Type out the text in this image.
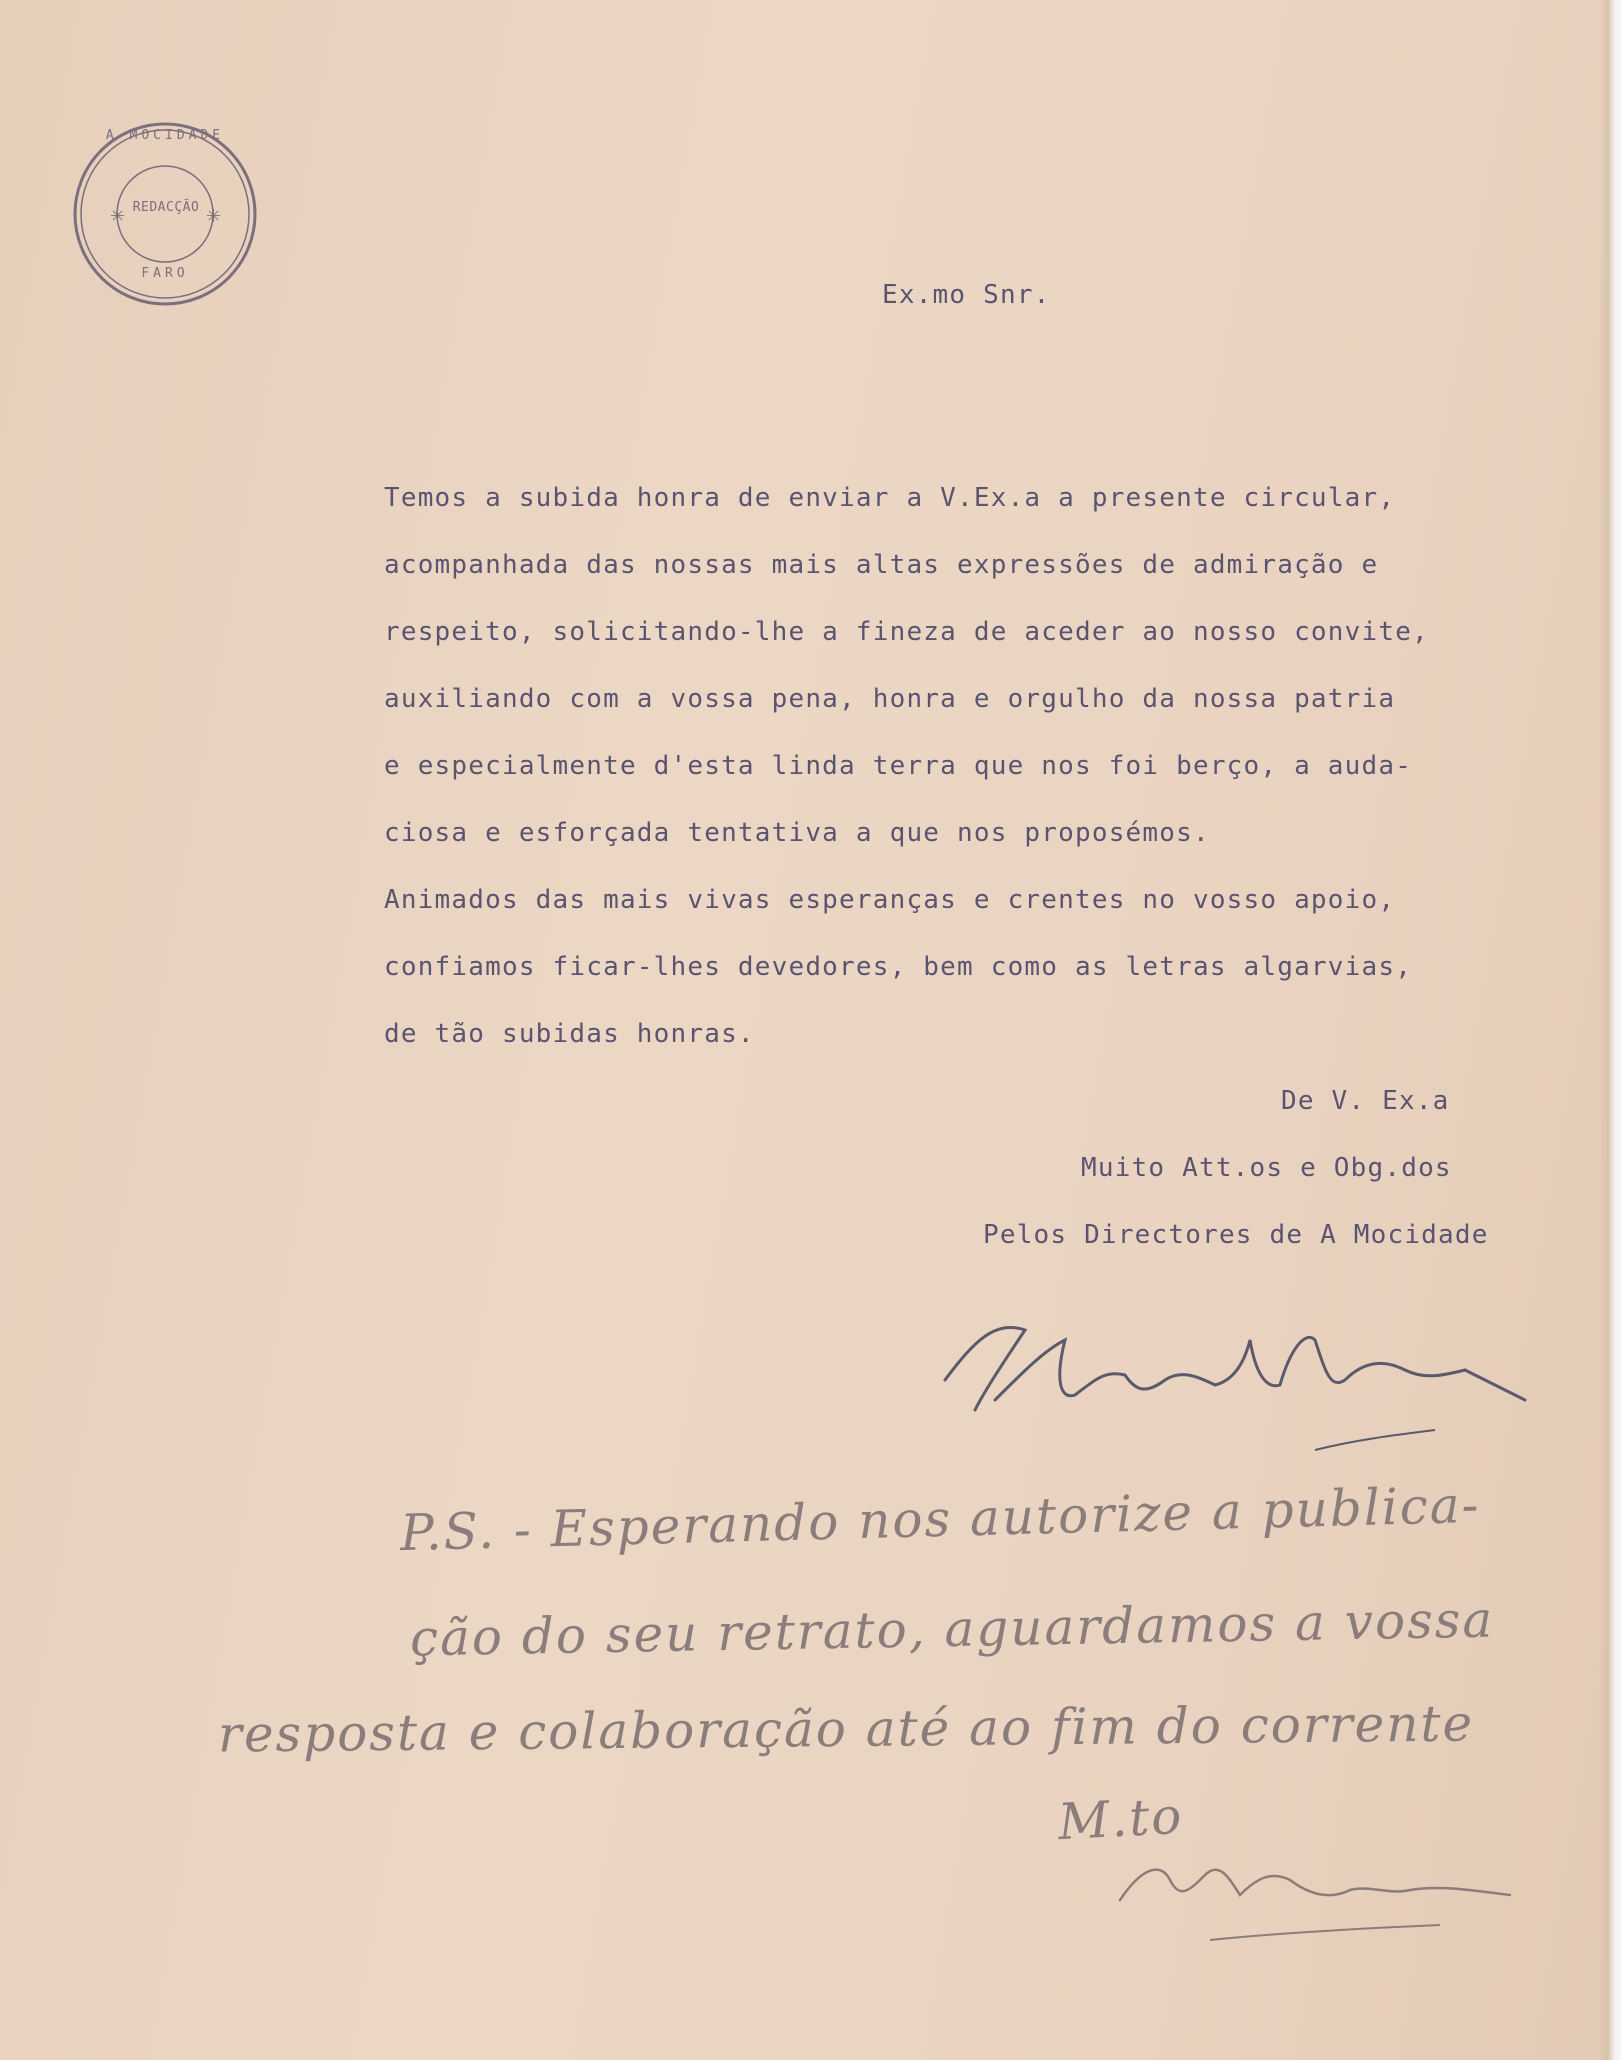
✳	✳
A MOCIDADE
REDACÇÃO
FARO
Ex.mo Snr.
Temos a subida honra de enviar a V.Ex.a a presente circular,
acompanhada das nossas mais altas expressões de admiração e
respeito, solicitando-lhe a fineza de aceder ao nosso convite,
auxiliando com a vossa pena, honra e orgulho da nossa patria
e especialmente d'esta linda terra que nos foi berço, a auda-
ciosa e esforçada tentativa a que nos proposémos.
Animados das mais vivas esperanças e crentes no vosso apoio,
confiamos ficar-lhes devedores, bem como as letras algarvias,
de tão subidas honras.
De V. Ex.a
Muito Att.os e Obg.dos
Pelos Directores de A Mocidade
P.S. - Esperando nos autorize a publica-
ção do seu retrato, aguardamos a vossa
resposta e colaboração até ao fim do corrente
M.to
